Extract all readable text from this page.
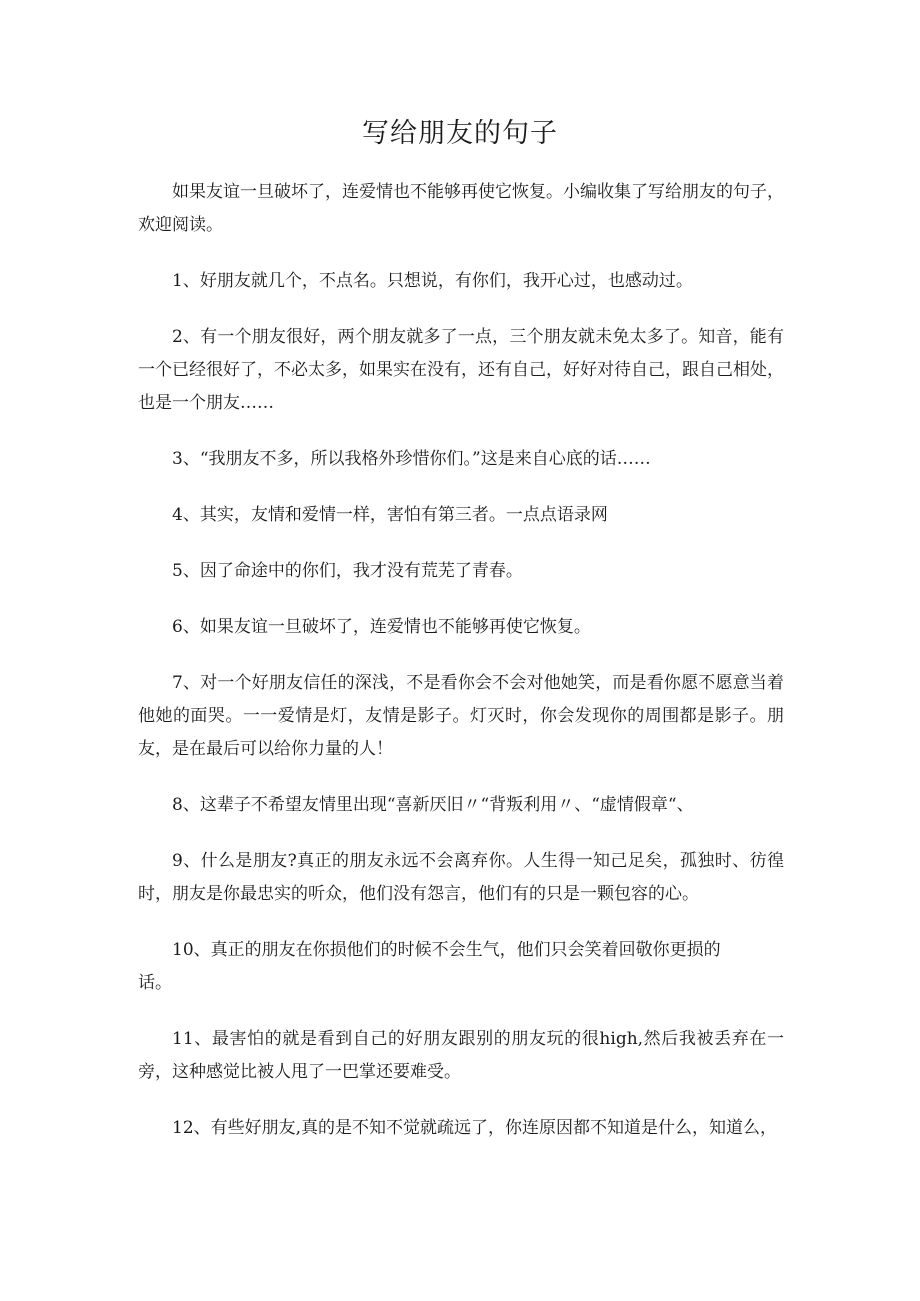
写给朋友的句子

如果友谊一旦破坏了，连爱情也不能够再使它恢复。小编收集了写给朋友的句子，欢迎阅读。

1、好朋友就几个，不点名。只想说，有你们，我开心过，也感动过。

2、有一个朋友很好，两个朋友就多了一点，三个朋友就未免太多了。知音，能有一个已经很好了，不必太多，如果实在没有，还有自己，好好对待自己，跟自己相处，也是一个朋友……

3、“我朋友不多，所以我格外珍惜你们。”这是来自心底的话……

4、其实，友情和爱情一样，害怕有第三者。一点点语录网

5、因了命途中的你们，我才没有荒芜了青春。

6、如果友谊一旦破坏了，连爱情也不能够再使它恢复。

7、对一个好朋友信任的深浅，不是看你会不会对他她笑，而是看你愿不愿意当着他她的面哭。一一爱情是灯，友情是影子。灯灭时，你会发现你的周围都是影子。朋友，是在最后可以给你力量的人！

8、这辈子不希望友情里出现“喜新厌旧〃“背叛利用〃、“虚情假章“、

9、什么是朋友?真正的朋友永远不会离弃你。人生得一知己足矣，孤独时、彷徨时，朋友是你最忠实的听众，他们没有怨言，他们有的只是一颗包容的心。

10、真正的朋友在你损他们的时候不会生气，他们只会笑着回敬你更损的

话。

11、最害怕的就是看到自己的好朋友跟别的朋友玩的很high,然后我被丢弃在一旁，这种感觉比被人甩了一巴掌还要难受。

12、有些好朋友,真的是不知不觉就疏远了，你连原因都不知道是什么，知道么，
